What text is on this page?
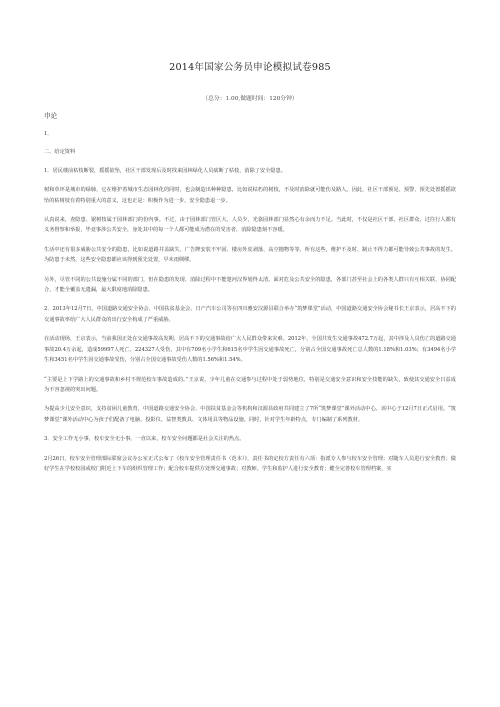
2014年国家公务员申论模拟试卷985
（总分：1.00,做题时间：120分钟）
申论

1．

二、给定资料

1．居民楼前枯枝断裂，摇摇欲坠，社区干部发现后及时找来园林绿化人员砍断了枯枝，消除了安全隐患。

树和草坪是城市的绿肺，它在维护着城市生态园林化的同时，也会制造出种种隐患，比如说枯朽的树枝，不及时消除就可能伤及路人。因此，社区干部预见、预警、预先处置摇摇欲坠的枯树枝有着特别重大的意义，这也正是：积极作为进一步，安全隐患退一步。

认真说来，查隐患、锯树枝属于园林部门的份内事。不过，由于园林部门管区大、人员少，光靠园林部门显然心有余而力不足。当此时，不仅是社区干部，社区群众、过往行人都有义务督察和举报，毕竟事涉公共安全，身处其中的每一个人都可能成为潜在的受害者，消除隐患刻不容缓。

生活中还有很多威胁公共安全的隐患，比如说道路井盖缺失、广告牌安装不牢固、楼房外皮剥落、高空抛物等等。所有这些，维护不及时、制止不得力都可能导致公共事故的发生。为防患于未然，这些安全隐患都应该得到预先处置，早未雨绸缪。

另外，尽管不同的公共设施分属不同的部门，但在隐患的发现、消除过程中不能楚河汉界划得太清。面对危及公共安全的隐患，各部门甚至社会上的各类人群只有互相关联、协同配合，才能全覆盖无遗漏，最大限度地消除隐患。

2．2013年12月7日，中国道路交通安全协会、中国扶贫基金会、日产汽车公司等在四川雅安汉源县联合举办“筑梦课堂”活动，中国道路交通安全协会秘书长王京表示，居高不下的交通事故率给广大人民群众的出行安全构成了严重威胁。

在活动现场，王京表示，当前我国正处在交通事故高发期，居高不下的交通事故给广大人民群众带来灾难。2012年，全国共发生交通事故472.7万起，其中涉及人员伤亡的道路交通事故20.4万余起，造成59997人死亡、224327人受伤，其中有709名小学生和615名中学生因交通事故死亡，分别占全国交通事故死亡总人数的1.18%和1.03%；有3494名小学生和3451名中学生因交通事故受伤，分别占全国交通事故受伤人数的1.56%和1.54%。

“主要是上下学路上的交通事故和乡村不规范校车事故造成的。”王京说，少年儿童在交通参与过程中处于弱势地位，特别是交通安全意识和安全技能的缺失，致使其交通安全日益成为不容忽视的突出问题。

为提高少儿安全意识，支持贫困儿童教育，中国道路交通安全协会、中国扶贫基金会等机构和汉源县政府共同建立了7所“筑梦课堂”课外活动中心。该中心于12月7日正式启用。“筑梦课堂”课外活动中心为孩子们配备了电脑、投影仪、益智类教具、文体用具等物品设施。同时，针对学生年龄特点，专门编制了系列教材。

3．安全工作无小事，校车安全无小事。一直以来，校车安全问题都是社会关注的热点。

2月26日，校车安全管理部际联席会议办公室正式公布了《校车安全管理责任书（范本）》，责任书的定校方责任有六项：指派专人参与校车安全管理；对随车人员进行安全教育；做好学生在学校校园或校门附近上下车的组织管理工作；配合校车提供方处理交通事故；对教师、学生和监护人进行安全教育；健全完善校车管理档案，实
